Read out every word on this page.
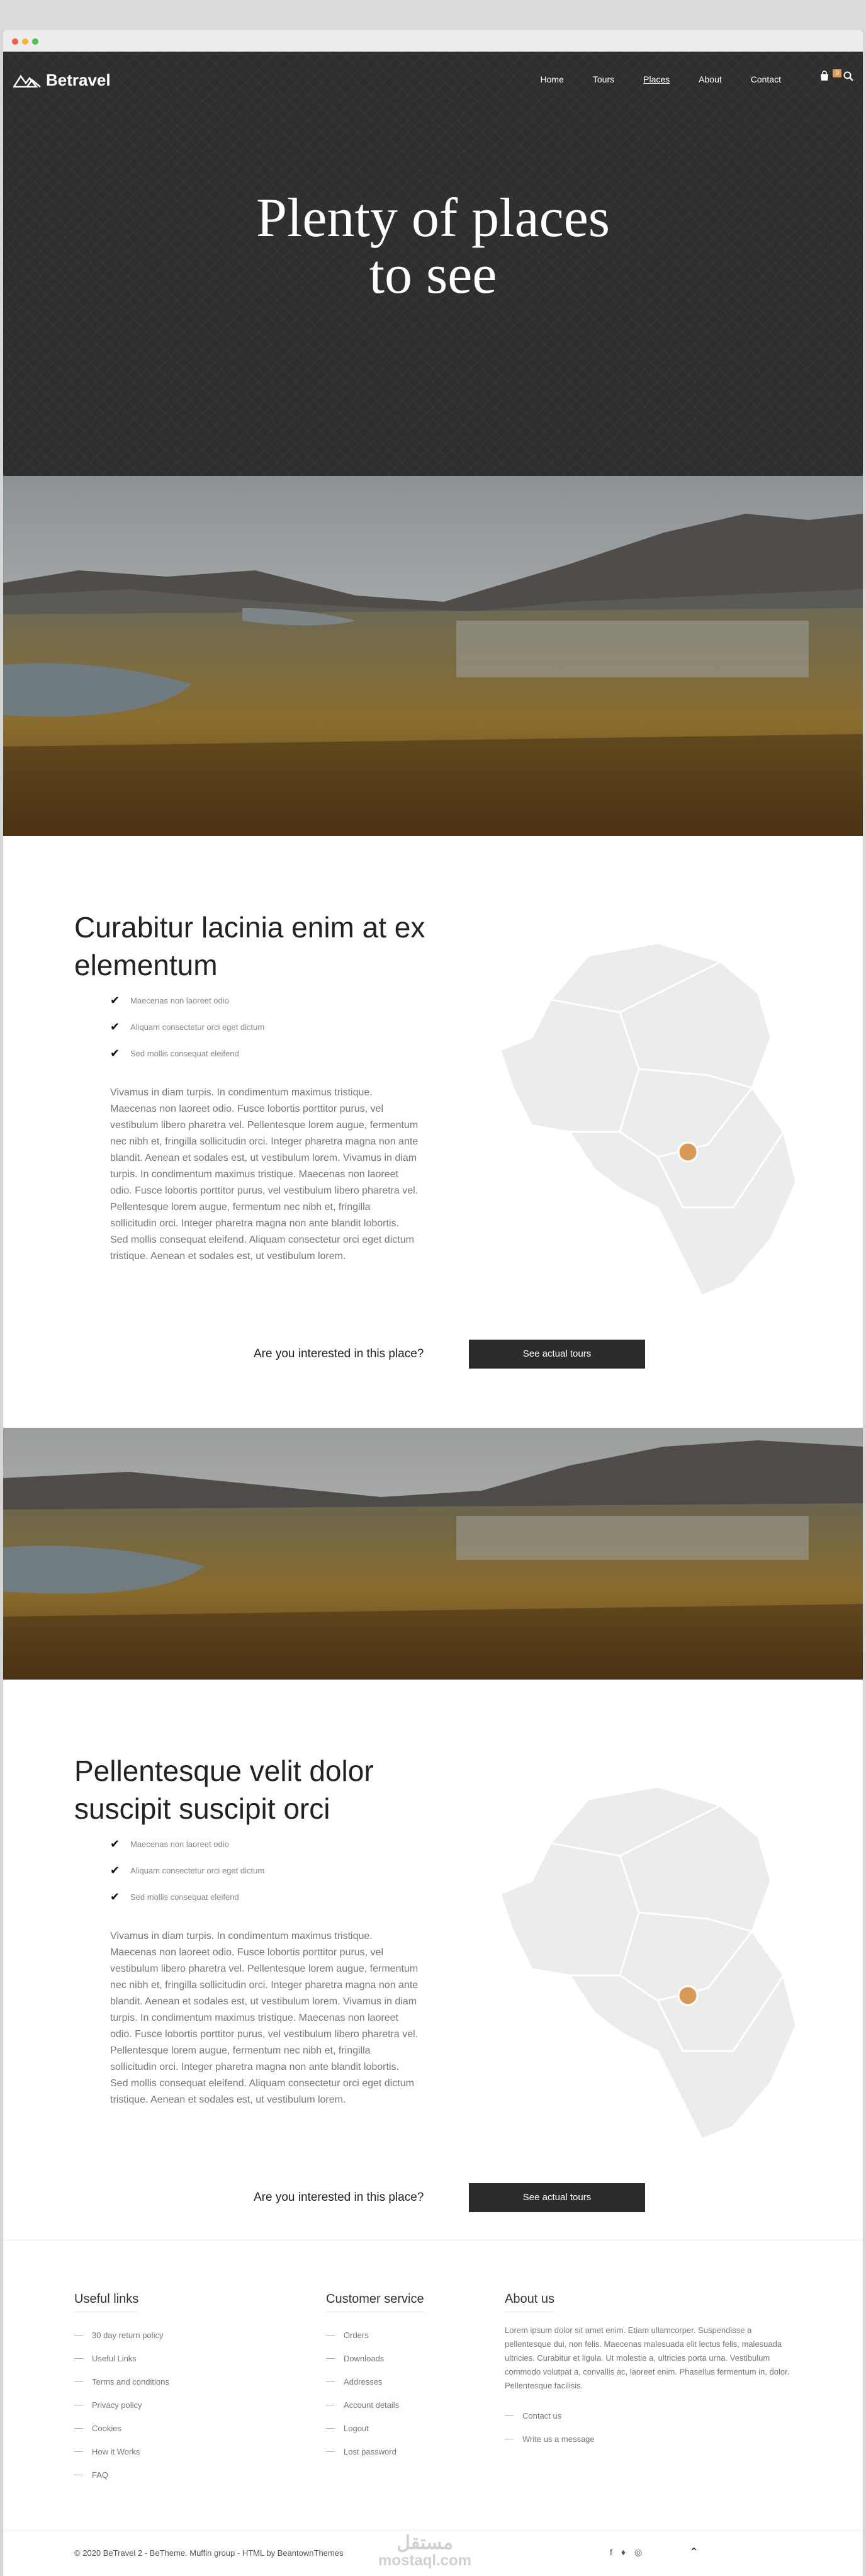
Betravel	Home	Tours	Places	About	Contact
0
Plenty of places
to see
Curabitur lacinia enim at ex elementum
✔ Maecenas non laoreet odio
✔ Aliquam consectetur orci eget dictum
✔ Sed mollis consequat eleifend

Vivamus in diam turpis. In condimentum maximus tristique. Maecenas non laoreet odio. Fusce lobortis porttitor purus, vel vestibulum libero pharetra vel. Pellentesque lorem augue, fermentum nec nibh et, fringilla sollicitudin orci. Integer pharetra magna non ante blandit. Aenean et sodales est, ut vestibulum lorem. Vivamus in diam turpis. In condimentum maximus tristique. Maecenas non laoreet odio. Fusce lobortis porttitor purus, vel vestibulum libero pharetra vel. Pellentesque lorem augue, fermentum nec nibh et, fringilla sollicitudin orci. Integer pharetra magna non ante blandit lobortis. Sed mollis consequat eleifend. Aliquam consectetur orci eget dictum tristique. Aenean et sodales est, ut vestibulum lorem.

Are you interested in this place?	See actual tours
Pellentesque velit dolor suscipit suscipit orci
✔ Maecenas non laoreet odio
✔ Aliquam consectetur orci eget dictum
✔ Sed mollis consequat eleifend

Vivamus in diam turpis. In condimentum maximus tristique. Maecenas non laoreet odio. Fusce lobortis porttitor purus, vel vestibulum libero pharetra vel. Pellentesque lorem augue, fermentum nec nibh et, fringilla sollicitudin orci. Integer pharetra magna non ante blandit. Aenean et sodales est, ut vestibulum lorem. Vivamus in diam turpis. In condimentum maximus tristique. Maecenas non laoreet odio. Fusce lobortis porttitor purus, vel vestibulum libero pharetra vel. Pellentesque lorem augue, fermentum nec nibh et, fringilla sollicitudin orci. Integer pharetra magna non ante blandit lobortis. Sed mollis consequat eleifend. Aliquam consectetur orci eget dictum tristique. Aenean et sodales est, ut vestibulum lorem.

Are you interested in this place?	See actual tours
Useful links
30 day return policy
Useful Links
Terms and conditions
Privacy policy
Cookies
How it Works
FAQ
Customer service
Orders
Downloads
Addresses
Account details
Logout
Lost password
About us

Lorem ipsum dolor sit amet enim. Etiam ullamcorper. Suspendisse a pellentesque dui, non felis. Maecenas malesuada elit lectus felis, malesuada ultricies. Curabitur et ligula. Ut molestie a, ultricies porta urna. Vestibulum commodo volutpat a, convallis ac, laoreet enim. Phasellus fermentum in, dolor. Pellentesque facilisis.

Contact us
Write us a message
© 2020 BeTravel 2 - BeTheme. Muffin group - HTML by BeantownThemes	مستقل
mostaql.com	f ♦ ◎	⌃
